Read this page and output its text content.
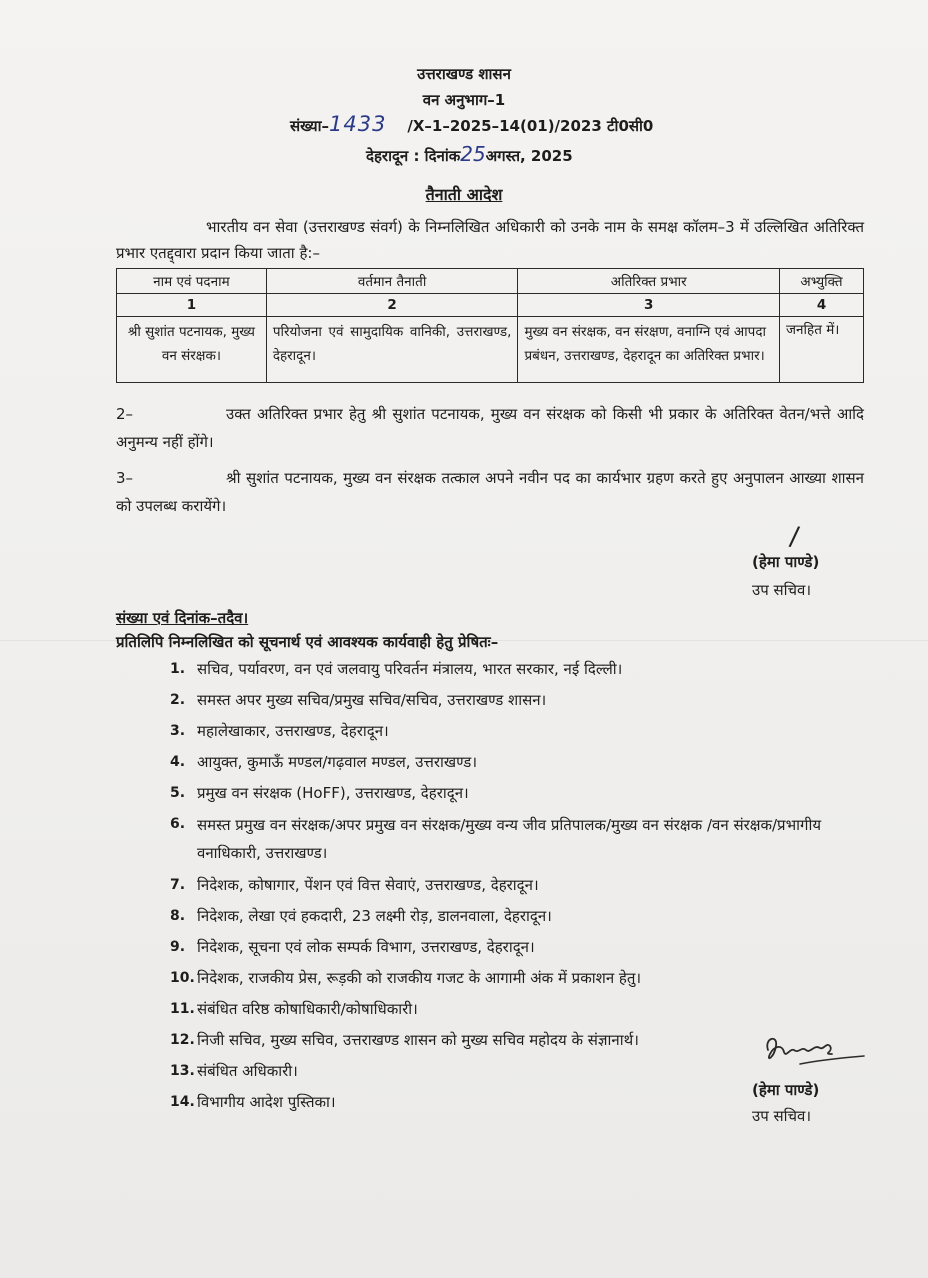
उत्तराखण्ड शासन
वन अनुभाग–1
संख्या–1433 /X–1–2025–14(01)/2023 टी0सी0
देहरादून : दिनांक25अगस्त, 2025
तैनाती आदेश
भारतीय वन सेवा (उत्तराखण्ड संवर्ग) के निम्नलिखित अधिकारी को उनके नाम के समक्ष कॉलम–3 में उल्लिखित अतिरिक्त प्रभार एतद्द्वारा प्रदान किया जाता है:–
नाम एवं पदनाम	वर्तमान तैनाती	अतिरिक्त प्रभार	अभ्युक्ति
1	2	3	4
श्री सुशांत पटनायक, मुख्य वन संरक्षक।	परियोजना एवं सामुदायिक वानिकी, उत्तराखण्ड, देहरादून।	मुख्य वन संरक्षक, वन संरक्षण, वनाग्नि एवं आपदा प्रबंधन, उत्तराखण्ड, देहरादून का अतिरिक्त प्रभार।	जनहित में।
2–	उक्त अतिरिक्त प्रभार हेतु श्री सुशांत पटनायक, मुख्य वन संरक्षक को किसी भी प्रकार के अतिरिक्त वेतन/भत्ते आदि अनुमन्य नहीं होंगे।
3–	श्री सुशांत पटनायक, मुख्य वन संरक्षक तत्काल अपने नवीन पद का कार्यभार ग्रहण करते हुए अनुपालन आख्या शासन को उपलब्ध करायेंगे।
/
(हेमा पाण्डे)
उप सचिव।
संख्या एवं दिनांक–तदैव।
प्रतिलिपि निम्नलिखित को सूचनार्थ एवं आवश्यक कार्यवाही हेतु प्रेषितः–
1. सचिव, पर्यावरण, वन एवं जलवायु परिवर्तन मंत्रालय, भारत सरकार, नई दिल्ली।
2. समस्त अपर मुख्य सचिव/प्रमुख सचिव/सचिव, उत्तराखण्ड शासन।
3. महालेखाकार, उत्तराखण्ड, देहरादून।
4. आयुक्त, कुमाऊँ मण्डल/गढ़वाल मण्डल, उत्तराखण्ड।
5. प्रमुख वन संरक्षक (HoFF), उत्तराखण्ड, देहरादून।
6. समस्त प्रमुख वन संरक्षक/अपर प्रमुख वन संरक्षक/मुख्य वन्य जीव प्रतिपालक/मुख्य वन संरक्षक /वन संरक्षक/प्रभागीय वनाधिकारी, उत्तराखण्ड।
7. निदेशक, कोषागार, पेंशन एवं वित्त सेवाएं, उत्तराखण्ड, देहरादून।
8. निदेशक, लेखा एवं हकदारी, 23 लक्ष्मी रोड़, डालनवाला, देहरादून।
9. निदेशक, सूचना एवं लोक सम्पर्क विभाग, उत्तराखण्ड, देहरादून।
10. निदेशक, राजकीय प्रेस, रूड़की को राजकीय गजट के आगामी अंक में प्रकाशन हेतु।
11. संबंधित वरिष्ठ कोषाधिकारी/कोषाधिकारी।
12. निजी सचिव, मुख्य सचिव, उत्तराखण्ड शासन को मुख्य सचिव महोदय के संज्ञानार्थ।
13. संबंधित अधिकारी।
14. विभागीय आदेश पुस्तिका।
(हेमा पाण्डे)
उप सचिव।
